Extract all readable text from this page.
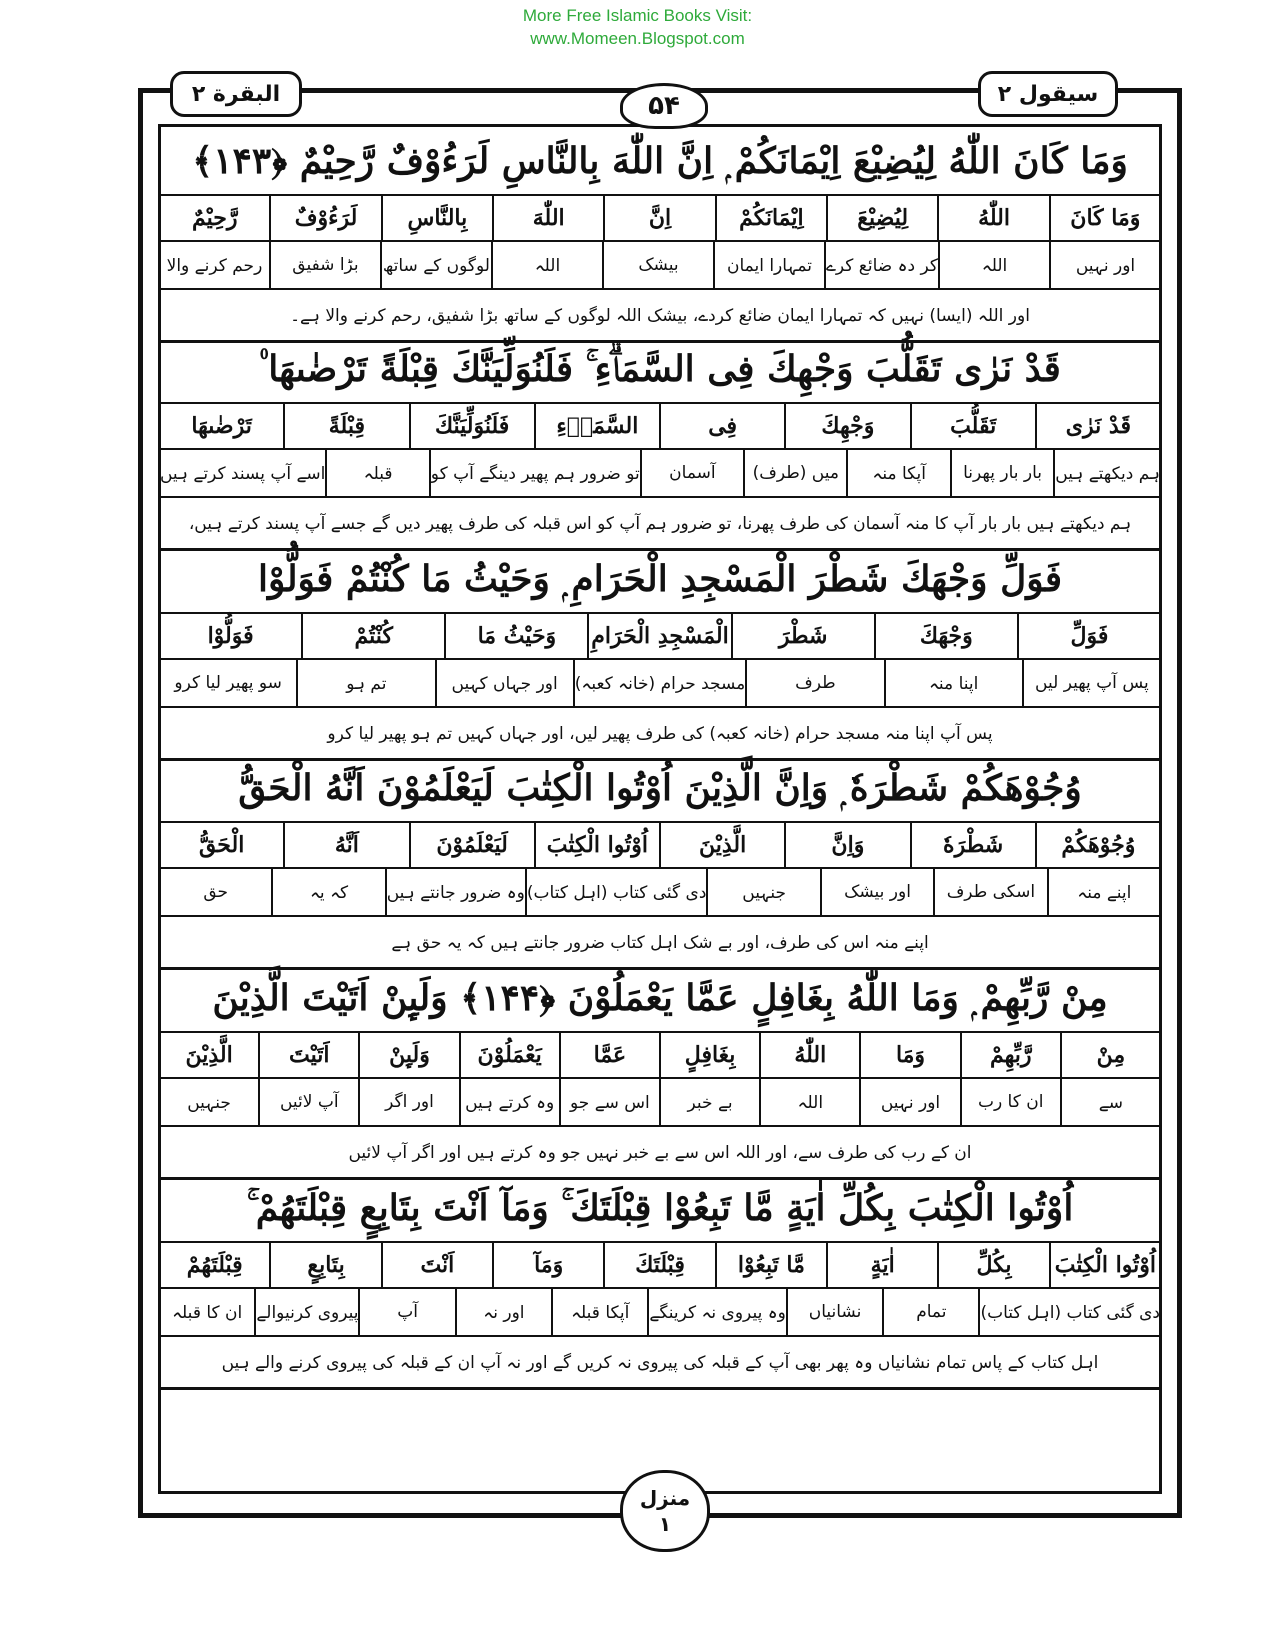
More Free Islamic Books Visit:
www.Momeen.Blogspot.com
سیقول ۲
البقرة ۲	۵۴
وَمَا كَانَ اللّٰهُ لِيُضِيْعَ اِيْمَانَكُمْ ۭ اِنَّ اللّٰهَ بِالنَّاسِ لَرَءُوْفٌ رَّحِيْمٌ ﴿۱۴۳﴾
وَمَا كَانَ
اللّٰهُ
لِيُضِيْعَ
اِيْمَانَكُمْ
اِنَّ
اللّٰهَ
بِالنَّاسِ
لَرَءُوْفٌ
رَّحِيْمٌ
اور نہیں
اللہ
کر دہ ضائع کرے
تمہارا ایمان
بیشک
اللہ
لوگوں کے ساتھ
بڑا شفیق
رحم کرنے والا
اور اللہ (ایسا) نہیں کہ تمہارا ایمان ضائع کردے، بیشک اللہ لوگوں کے ساتھ بڑا شفیق، رحم کرنے والا ہے۔
قَدْ نَرٰى تَقَلُّبَ وَجْهِكَ فِى السَّمَاۗءِ ۚ فَلَنُوَلِّيَنَّكَ قِبْلَةً تَرْضٰىهَا ۠
قَدْ نَرٰى
تَقَلُّبَ
وَجْهِكَ
فِى
السَّمَاۗءِ
فَلَنُوَلِّيَنَّكَ
قِبْلَةً
تَرْضٰىهَا
ہم دیکھتے ہیں
بار بار پھرنا
آپکا منہ
میں (طرف)
آسمان
تو ضرور ہم پھیر دینگے آپ کو
قبلہ
اسے آپ پسند کرتے ہیں
ہم دیکھتے ہیں بار بار آپ کا منہ آسمان کی طرف پھرنا، تو ضرور ہم آپ کو اس قبلہ کی طرف پھیر دیں گے جسے آپ پسند کرتے ہیں،
فَوَلِّ وَجْهَكَ شَطْرَ الْمَسْجِدِ الْحَرَامِ ۭ وَحَيْثُ مَا كُنْتُمْ فَوَلُّوْا
فَوَلِّ
وَجْهَكَ
شَطْرَ
الْمَسْجِدِ الْحَرَامِ
وَحَيْثُ مَا
كُنْتُمْ
فَوَلُّوْا
پس آپ پھیر لیں
اپنا منہ
طرف
مسجد حرام (خانہ کعبہ)
اور جہاں کہیں
تم ہو
سو پھیر لیا کرو
پس آپ اپنا منہ مسجد حرام (خانہ کعبہ) کی طرف پھیر لیں، اور جہاں کہیں تم ہو پھیر لیا کرو
وُجُوْهَكُمْ شَطْرَهٗ ۭ وَاِنَّ الَّذِيْنَ اُوْتُوا الْكِتٰبَ لَيَعْلَمُوْنَ اَنَّهُ الْحَقُّ
وُجُوْهَكُمْ
شَطْرَهٗ
وَاِنَّ
الَّذِيْنَ
اُوْتُوا الْكِتٰبَ
لَيَعْلَمُوْنَ
اَنَّهُ
الْحَقُّ
اپنے منہ
اسکی طرف
اور بیشک
جنہیں
دی گئی کتاب (اہل کتاب)
وہ ضرور جانتے ہیں
کہ یہ
حق
اپنے منہ اس کی طرف، اور بے شک اہل کتاب ضرور جانتے ہیں کہ یہ حق ہے
مِنْ رَّبِّهِمْ ۭ وَمَا اللّٰهُ بِغَافِلٍ عَمَّا يَعْمَلُوْنَ ﴿۱۴۴﴾ وَلَىِٕنْ اَتَيْتَ الَّذِيْنَ
مِنْ
رَّبِّهِمْ
وَمَا
اللّٰهُ
بِغَافِلٍ
عَمَّا
يَعْمَلُوْنَ
وَلَىِٕنْ
اَتَيْتَ
الَّذِيْنَ
سے
ان کا رب
اور نہیں
اللہ
بے خبر
اس سے جو
وہ کرتے ہیں
اور اگر
آپ لائیں
جنہیں
ان کے رب کی طرف سے، اور اللہ اس سے بے خبر نہیں جو وہ کرتے ہیں اور اگر آپ لائیں
اُوْتُوا الْكِتٰبَ بِكُلِّ اٰيَةٍ مَّا تَبِعُوْا قِبْلَتَكَ ۚ وَمَآ اَنْتَ بِتَابِعٍ قِبْلَتَهُمْ ۚ
اُوْتُوا الْكِتٰبَ
بِكُلِّ
اٰيَةٍ
مَّا تَبِعُوْا
قِبْلَتَكَ
وَمَآ
اَنْتَ
بِتَابِعٍ
قِبْلَتَهُمْ
دی گئی کتاب (اہل کتاب)
تمام
نشانیاں
وہ پیروی نہ کرینگے
آپکا قبلہ
اور نہ
آپ
پیروی کرنیوالے
ان کا قبلہ
اہل کتاب کے پاس تمام نشانیاں وہ پھر بھی آپ کے قبلہ کی پیروی نہ کریں گے اور نہ آپ ان کے قبلہ کی پیروی کرنے والے ہیں
منزل
۱
